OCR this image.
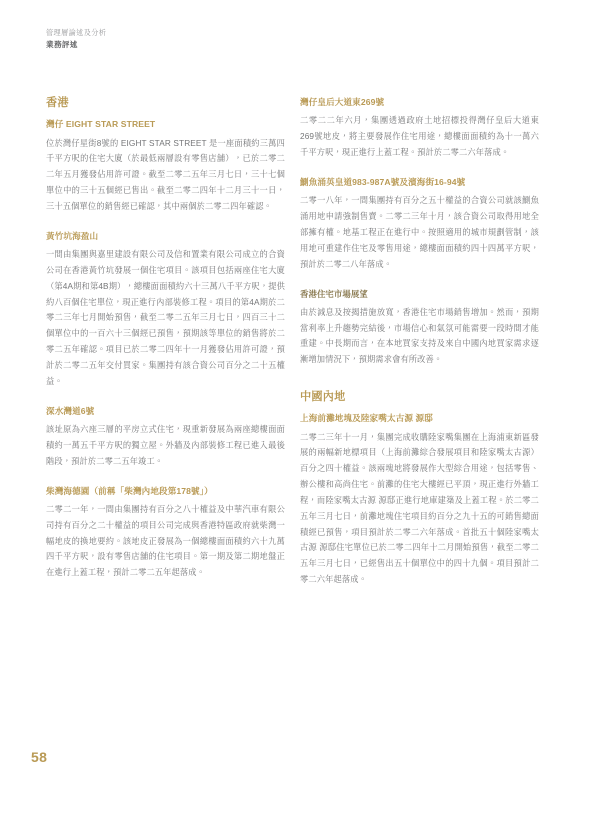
管理層論述及分析
業務評述
香港
灣仔 EIGHT STAR STREET

位於灣仔星街8號的 EIGHT STAR STREET 是一座面積約三萬四千平方呎的住宅大廈（於最低兩層設有零售店舖），已於二零二二年五月獲發佔用許可證。截至二零二五年三月七日，三十七個單位中的三十五個經已售出。截至二零二四年十二月三十一日，三十五個單位的銷售經已確認，其中兩個於二零二四年確認。

黃竹坑海盈山

一間由集團與嘉里建設有限公司及信和置業有限公司成立的合資公司在香港黃竹坑發展一個住宅項目。該項目包括兩座住宅大廈（第4A期和第4B期），總樓面面積約六十三萬八千平方呎，提供約八百個住宅單位，現正進行內部裝修工程。項目的第4A期於二零二三年七月開始預售，截至二零二五年三月七日，四百三十二個單位中的一百六十三個經已預售，預期該等單位的銷售將於二零二五年確認。項目已於二零二四年十一月獲發佔用許可證，預計於二零二五年交付買家。集團持有該合資公司百分之二十五權益。

深水灣道6號

該址原為六座三層的平房立式住宅，現重新發展為兩座總樓面面積約一萬五千平方呎的獨立屋。外牆及內部裝修工程已進入最後階段，預計於二零二五年竣工。

柴灣海德園（前稱「柴灣內地段第178號」）

二零二一年，一間由集團持有百分之八十權益及中華汽車有限公司持有百分之二十權益的項目公司完成與香港特區政府就柴灣一幅地皮的換地要約。該地皮正發展為一個總樓面面積約六十九萬四千平方呎，設有零售店舖的住宅項目。第一期及第二期地盤正在進行上蓋工程，預計二零二五年起落成。

灣仔皇后大道東269號

二零二二年六月，集團透過政府土地招標投得灣仔皇后大道東269號地皮，將主要發展作住宅用途，總樓面面積約為十一萬六千平方呎，現正進行上蓋工程。預計於二零二六年落成。

鰂魚涌英皇道983-987A號及濱海街16-94號

二零一八年，一間集團持有百分之五十權益的合資公司就該鰂魚涌用地申請強制售賣。二零二三年十月，該合資公司取得用地全部擁有權。地基工程正在進行中。按照適用的城市規劃管制，該用地可重建作住宅及零售用途，總樓面面積約四十四萬平方呎，預計於二零二八年落成。

香港住宅市場展望

由於減息及按揭措施放寬，香港住宅市場銷售增加。然而，預期當利率上升趨勢完結後，市場信心和氣氛可能需要一段時間才能重建。中長期而言，在本地買家支持及來自中國內地買家需求逐漸增加情況下，預期需求會有所改善。

中國內地
上海前灘地塊及陸家嘴太古源 源邸

二零二三年十一月，集團完成收購陸家嘴集團在上海浦東新區發展的兩幅新地標項目（上海前灘綜合發展項目和陸家嘴太古源）百分之四十權益。該兩塊地將發展作大型綜合用途，包括零售、辦公樓和高尚住宅。前灘的住宅大樓經已平頂，現正進行外牆工程，而陸家嘴太古源 源邸正進行地庫建築及上蓋工程。於二零二五年三月七日，前灘地塊住宅項目約百分之九十五的可銷售總面積經已預售，項目預計於二零二六年落成。首批五十個陸家嘴太古源 源邸住宅單位已於二零二四年十二月開始預售，截至二零二五年三月七日，已經售出五十個單位中的四十九個。項目預計二零二六年起落成。

58
